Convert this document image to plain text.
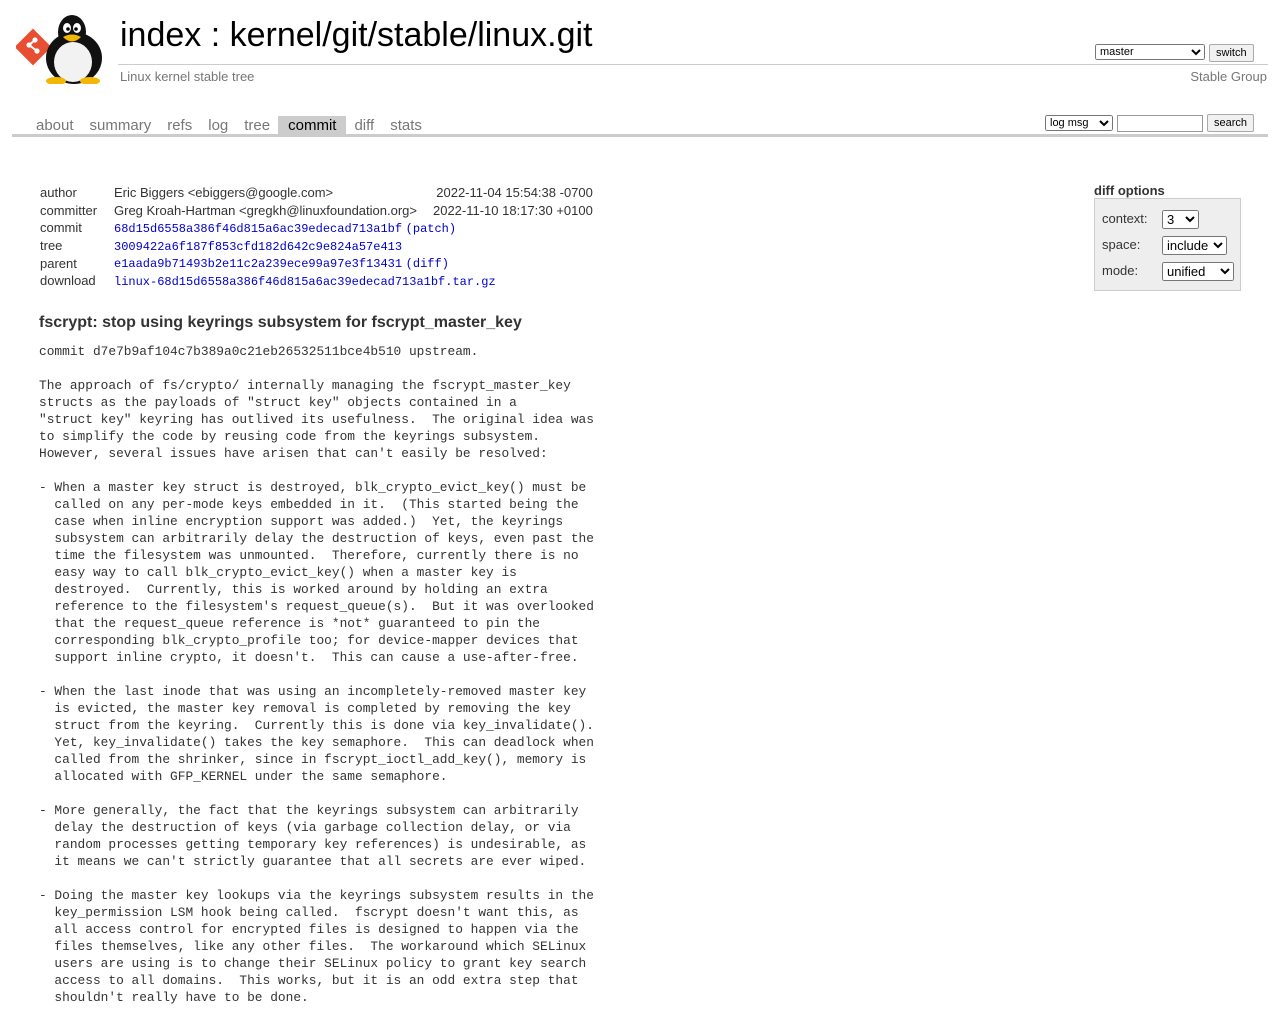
index : kernel/git/stable/linux.git
Linux kernel stable tree	Stable Group
master
switch
about	summary	refs	log	tree	commit	diff	stats
log msg	search
author	Eric Biggers <ebiggers@google.com>	2022-11-04 15:54:38 -0700
committer	Greg Kroah-Hartman <gregkh@linuxfoundation.org>	2022-11-10 18:17:30 +0100
commit	68d15d6558a386f46d815a6ac39edecad713a1bf (patch)	
tree	3009422a6f187f853cfd182d642c9e824a57e413	
parent	e1aada9b71493b2e11c2a239ece99a97e3f13431 (diff)	
download	linux-68d15d6558a386f46d815a6ac39edecad713a1bf.tar.gz	
diff options
context:
3
space:
include
mode:
unified
fscrypt: stop using keyrings subsystem for fscrypt_master_key
commit d7e7b9af104c7b389a0c21eb26532511bce4b510 upstream.

The approach of fs/crypto/ internally managing the fscrypt_master_key
structs as the payloads of "struct key" objects contained in a
"struct key" keyring has outlived its usefulness.  The original idea was
to simplify the code by reusing code from the keyrings subsystem.
However, several issues have arisen that can't easily be resolved:

- When a master key struct is destroyed, blk_crypto_evict_key() must be
called on any per-mode keys embedded in it.  (This started being the
case when inline encryption support was added.)  Yet, the keyrings
subsystem can arbitrarily delay the destruction of keys, even past the
time the filesystem was unmounted.  Therefore, currently there is no
easy way to call blk_crypto_evict_key() when a master key is
destroyed.  Currently, this is worked around by holding an extra
reference to the filesystem's request_queue(s).  But it was overlooked
that the request_queue reference is *not* guaranteed to pin the
corresponding blk_crypto_profile too; for device-mapper devices that
support inline crypto, it doesn't.  This can cause a use-after-free.

- When the last inode that was using an incompletely-removed master key
is evicted, the master key removal is completed by removing the key
struct from the keyring.  Currently this is done via key_invalidate().
Yet, key_invalidate() takes the key semaphore.  This can deadlock when
called from the shrinker, since in fscrypt_ioctl_add_key(), memory is
allocated with GFP_KERNEL under the same semaphore.

- More generally, the fact that the keyrings subsystem can arbitrarily
delay the destruction of keys (via garbage collection delay, or via
random processes getting temporary key references) is undesirable, as
it means we can't strictly guarantee that all secrets are ever wiped.

- Doing the master key lookups via the keyrings subsystem results in the
key_permission LSM hook being called.  fscrypt doesn't want this, as
all access control for encrypted files is designed to happen via the
files themselves, like any other files.  The workaround which SELinux
users are using is to change their SELinux policy to grant key search
access to all domains.  This works, but it is an odd extra step that
shouldn't really have to be done.
